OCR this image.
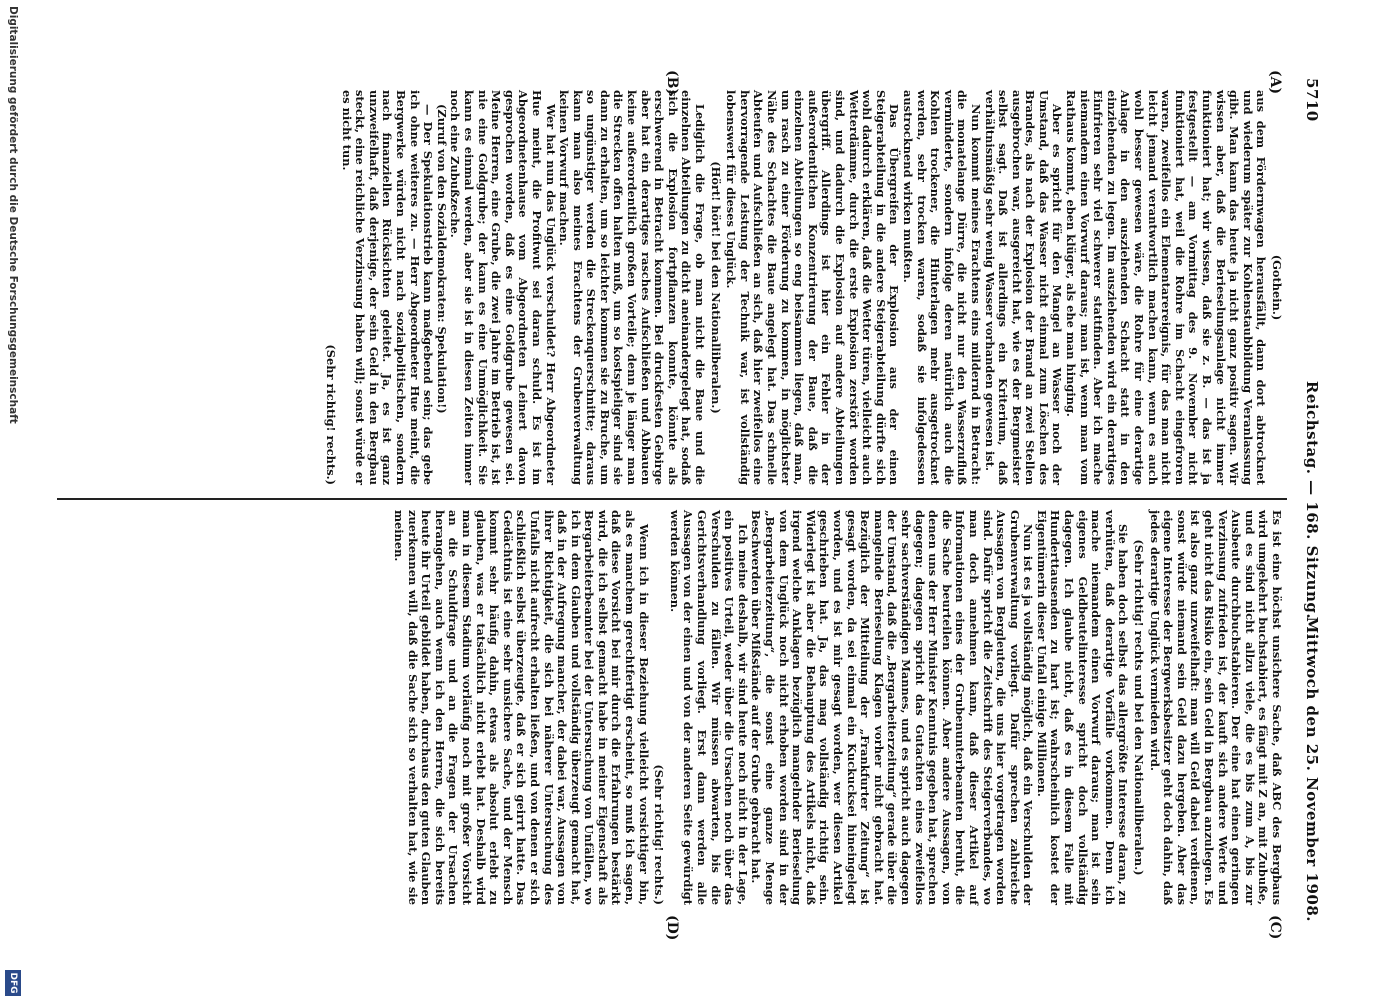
5710
Reichstag. — 168. Sitzung.
Mittwoch den 25. November 1908.
(A)
(B)
(C)
(D)
(Gothein.)

aus dem Fördernwagen herausfällt, dann dort abtrocknet und wiederum später zur Kohlenstaubbildung Veranlassung gibt. Man kann das heute ja nicht ganz positiv sagen. Wir wissen aber, daß die Berieselungsanlage nicht immer funktioniert hat; wir wissen, daß sie z. B. — das ist ja festgestellt — am Vormittag des 9. November nicht funktioniert hat, weil die Rohre im Schacht eingefroren waren, zweifellos ein Elementarereignis, für das man nicht leicht jemand verantwortlich machen kann, wenn es auch wohl besser gewesen wäre, die Rohre für eine derartige Anlage in den ausziehenden Schacht statt in den einziehenden zu legen. Im ausziehenden wird ein derartiges Einfrieren sehr viel schwerer stattfinden. Aber ich mache niemandem einen Vorwurf daraus; man ist, wenn man vom Rathaus kommt, eben klüger, als ehe man hinging.

Aber es spricht für den Mangel an Wasser noch der Umstand, daß das Wasser nicht einmal zum Löschen des Brandes, als nach der Explosion der Brand an zwei Stellen ausgebrochen war, ausgereicht hat, wie es der Bergmeister selbst sagt. Daß ist allerdings ein Kriterium, daß verhältnismäßig sehr wenig Wasser vorhanden gewesen ist.

Nun kommt meines Erachtens eins mildernd in Betracht: die monatelange Dürre, die nicht nur den Wasserzufluß verminderte, sondern infolge deren natürlich auch die Kohlen trockener, die Hinterlagen mehr ausgetrocknet werden, sehr trocken waren, sodaß sie infolgedessen austrocknend wirken mußten.

Das Übergreifen der Explosion aus der einen Steigerabteilung in die andere Steigerabteilung dürfte sich wohl dadurch erklären, daß die Wetter türen, vielleicht auch Wetterdämme, durch die erste Explosion zerstört worden sind, und dadurch die Explosion auf andere Abteilungen übergriff. Allerdings ist hier ein Fehler in der außerordentlichen Konzentrierung der Baue, daß die einzelnen Abteilungen so eng beisammen liegen, daß man, um rasch zu einer Förderung zu kommen, in möglichster Nähe des Schachtes die Baue angelegt hat. Das schnelle Abteufen und Aufschließen an sich, daß hier zweifellos eine hervorragende Leistung der Technik war, ist vollständig lobenswert für dieses Unglück.

(Hört! hört! bei den Nationalliberalen.)

Lediglich die Frage, ob man nicht die Baue und die einzelnen Abteilungen zu dicht aneinandergelegt hat, sodaß sich die Explosion fortpflanzen konnte, könnte als erschwerend in Betracht kommen. Bei druckfesten Gebirge aber hat ein derartiges rasches Aufschließen und Abbauen keine außerordentlich großen Vorteile; denn je länger man die Strecken offen halten muß, um so kostspieliger sind sie dann zu erhalten, um so leichter kommen sie zu Bruche, um so ungünstiger werden die Streckenquerschnitte; daraus kann man also meines Erachtens der Grubenverwaltung keinen Vorwurf machen.

Wer hat nun das Unglück verschuldet? Herr Abgeordneter Hue meint, die Profitwut sei daran schuld. Es ist im Abgeordnetenhause vom Abgeordneten Leinert davon gesprochen worden, daß es eine Goldgrube gewesen sei. Meine Herren, eine Grube, die zwei Jahre im Betrieb ist, ist nie eine Goldgrube; der kann es eine Unmöglichkeit. Sie kann es einmal werden, aber sie ist in diesen Zeiten immer noch eine Zubußzeche.

(Zuruf von den Sozialdemokraten: Spekulation!)

— Der Spekulationstrieb kann maßgebend sein; das gebe ich ohne weiteres zu. — Herr Abgeordneter Hue meint, die Bergwerke würden nicht nach sozialpolitischen, sondern nach finanziellen Rücksichten geleitet. Ja, es ist ganz unzweifelhaft, daß derjenige, der sein Geld in den Bergbau steckt, eine reichliche Verzinsung haben will; sonst würde er es nicht tun.

(Sehr richtig! rechts.)

Es ist eine höchst unsichere Sache, daß ABC des Bergbaus wird umgekehrt buchstabiert, es fängt mit Z an, mit Zubuße, und es sind nicht allzu viele, die es bis zum A, bis zur Ausbeute durchbuchstabieren. Der eine hat einen geringen Verzinsung zufrieden ist, der kauft sich andere Werte und geht nicht das Risiko ein, sein Geld in Bergbau anzulegen. Es ist also ganz unzweifelhaft: man will Geld dabei verdienen, sonst würde niemand sein Geld dazu hergeben. Aber das eigene Interesse der Bergwerksbesitzer geht doch dahin, daß jedes derartige Unglück vermieden wird.

(Sehr richtig! rechts und bei den Nationalliberalen.)

Sie haben doch selbst das allergrößte Interesse daran, zu verhüten, daß derartige Vorfälle vorkommen. Denn ich mache niemandem einen Vorwurf daraus; man ist sein eigenes Geldbeutelinteresse spricht doch vollständig dagegen. Ich glaube nicht, daß es in diesem Falle mit Hunderttausenden zu hart ist; wahrscheinlich kostet der Eigentümerin dieser Unfall einige Millionen.

Nun ist es ja vollständig möglich, daß ein Verschulden der Grubenverwaltung vorliegt. Dafür sprechen zahlreiche Aussagen von Bergleuten, die uns hier vorgetragen worden sind. Dafür spricht die Zeitschrift des Steigerverbandes, wo man doch annehmen kann, daß dieser Artikel auf Informationen eines der Grubenunterbeamten beruht, die die Sache beurteilen können. Aber andere Aussagen, von denen uns der Herr Minister Kenntnis gegeben hat, sprechen dagegen; dagegen spricht das Gutachten eines zweifellos sehr sachverständigen Mannes, und es spricht auch dagegen der Umstand, daß die „Bergarbeiterzeitung“ gerade über die mangelnde Berieselung Klagen vorher nicht gebracht hat. Bezüglich der Mitteilung der „Frankfurter Zeitung“ ist gesagt worden, da sei einmal ein Kuckucksei hineingelegt worden, und es ist mir gesagt worden, wer diesen Artikel geschrieben hat. Ja, das mag vollständig richtig sein. Widerlegt ist aber die Behauptung des Artikels nicht, daß irgend welche Anklagen bezüglich mangelnder Berieselung von dem Unglück noch nicht erhoben worden sind in der „Bergarbeiterzeitung“, die sonst eine ganze Menge Beschwerden über Mißstände auf der Grube gebracht hat.

Ich meine deshalb, wir sind heute noch nicht in der Lage, ein positives Urteil, weder über die Ursachen noch über das Verschulden zu fällen. Wir müssen abwarten, bis die Gerichtsverhandlung vorliegt. Erst dann werden alle Aussagen von der einen und von der anderen Seite gewürdigt werden können.

(Sehr richtig! rechts.)

Wenn ich in dieser Beziehung vielleicht vorsichtiger bin, als es manchem gerechtfertigt erscheint, so muß ich sagen, daß diese Vorsicht bei mir durch die Erfahrungen bestärkt wird, die ich selbst gemacht habe in meiner Eigenschaft als Bergarbeiterbeamter bei der Untersuchung von Unfällen, wo ich in dem Glauben und vollständig überzeugt gemacht hat, daß in der Aufregung mancher, der dabei war, Aussagen von ihrer Richtigkeit, die sich bei näherer Untersuchung des Unfalls nicht aufrecht erhalten ließen, und von denen er sich schließlich selbst überzeugte, daß er sich geirrt hatte. Das Gedächtnis ist eine sehr unsichere Sache, und der Mensch kommt sehr häufig dahin, etwas als absolut erlebt zu glauben, was er tatsächlich nicht erlebt hat. Deshalb wird man in diesem Stadium vorläufig noch mit großer Vorsicht an die Schuldfrage und an die Fragen der Ursachen herangehen, auch wenn ich den Herren, die sich bereits heute ihr Urteil gebildet haben, durchaus den guten Glauben zuerkennen will, daß die Sache sich so verhalten hat, wie sie meinen.

Digitalisierung gefördert durch die Deutsche Forschungsgemeinschaft
DFG
